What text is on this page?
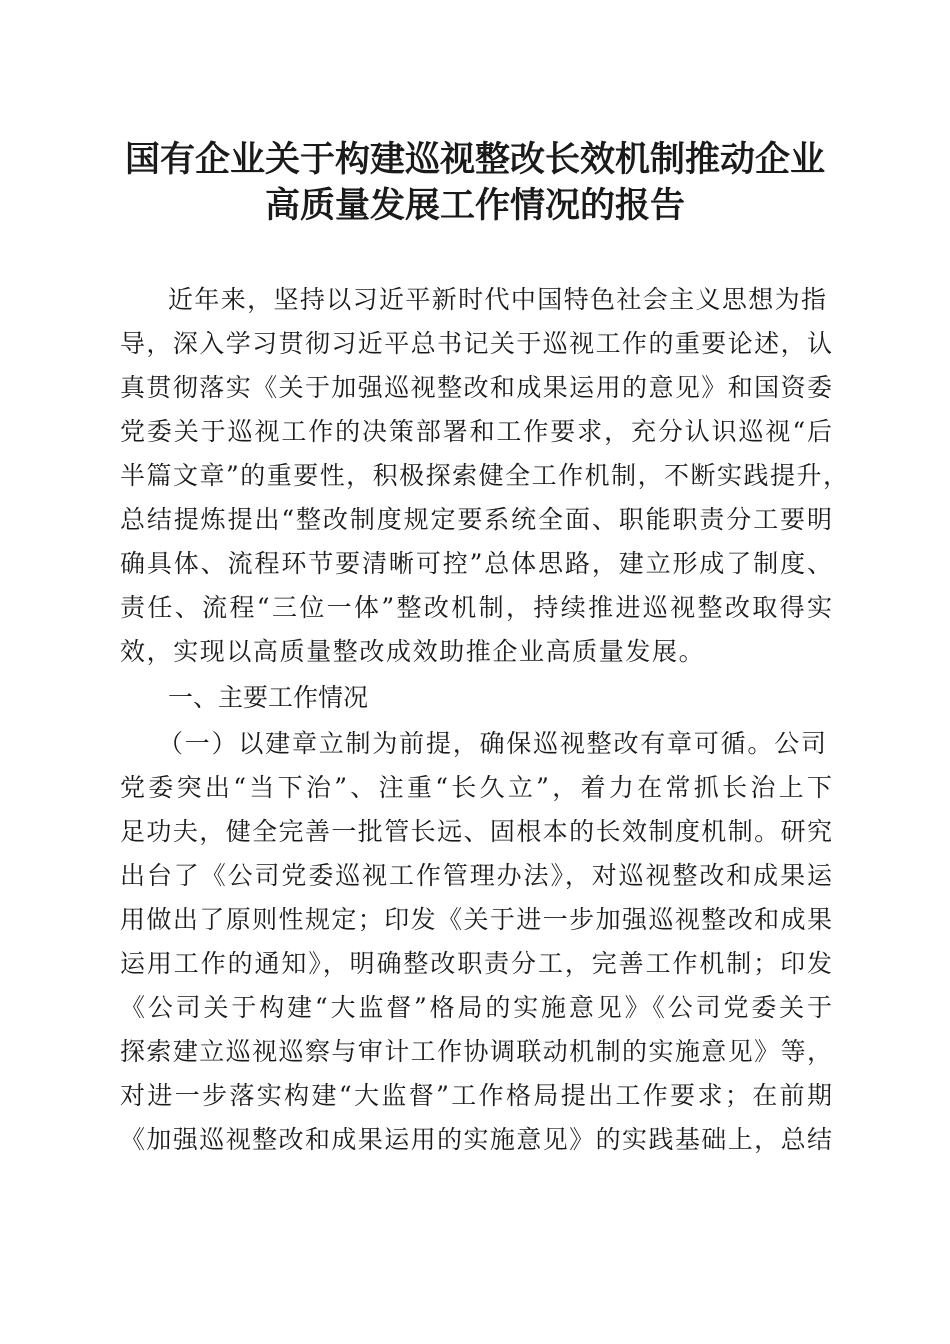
国有企业关于构建巡视整改长效机制推动企业
高质量发展工作情况的报告
近年来，坚持以习近平新时代中国特色社会主义思想为指
导，深入学习贯彻习近平总书记关于巡视工作的重要论述，认
真贯彻落实《关于加强巡视整改和成果运用的意见》和国资委
党委关于巡视工作的决策部署和工作要求，充分认识巡视“后
半篇文章”的重要性，积极探索健全工作机制，不断实践提升，
总结提炼提出“整改制度规定要系统全面、职能职责分工要明
确具体、流程环节要清晰可控”总体思路，建立形成了制度、
责任、流程“三位一体”整改机制，持续推进巡视整改取得实
效，实现以高质量整改成效助推企业高质量发展。
一、主要工作情况
（一）以建章立制为前提，确保巡视整改有章可循。公司
党委突出“当下治”、注重“长久立”，着力在常抓长治上下
足功夫，健全完善一批管长远、固根本的长效制度机制。研究
出台了《公司党委巡视工作管理办法》，对巡视整改和成果运
用做出了原则性规定；印发《关于进一步加强巡视整改和成果
运用工作的通知》，明确整改职责分工，完善工作机制；印发
《公司关于构建“大监督”格局的实施意见》《公司党委关于
探索建立巡视巡察与审计工作协调联动机制的实施意见》等，
对进一步落实构建“大监督”工作格局提出工作要求；在前期
《加强巡视整改和成果运用的实施意见》的实践基础上，总结
